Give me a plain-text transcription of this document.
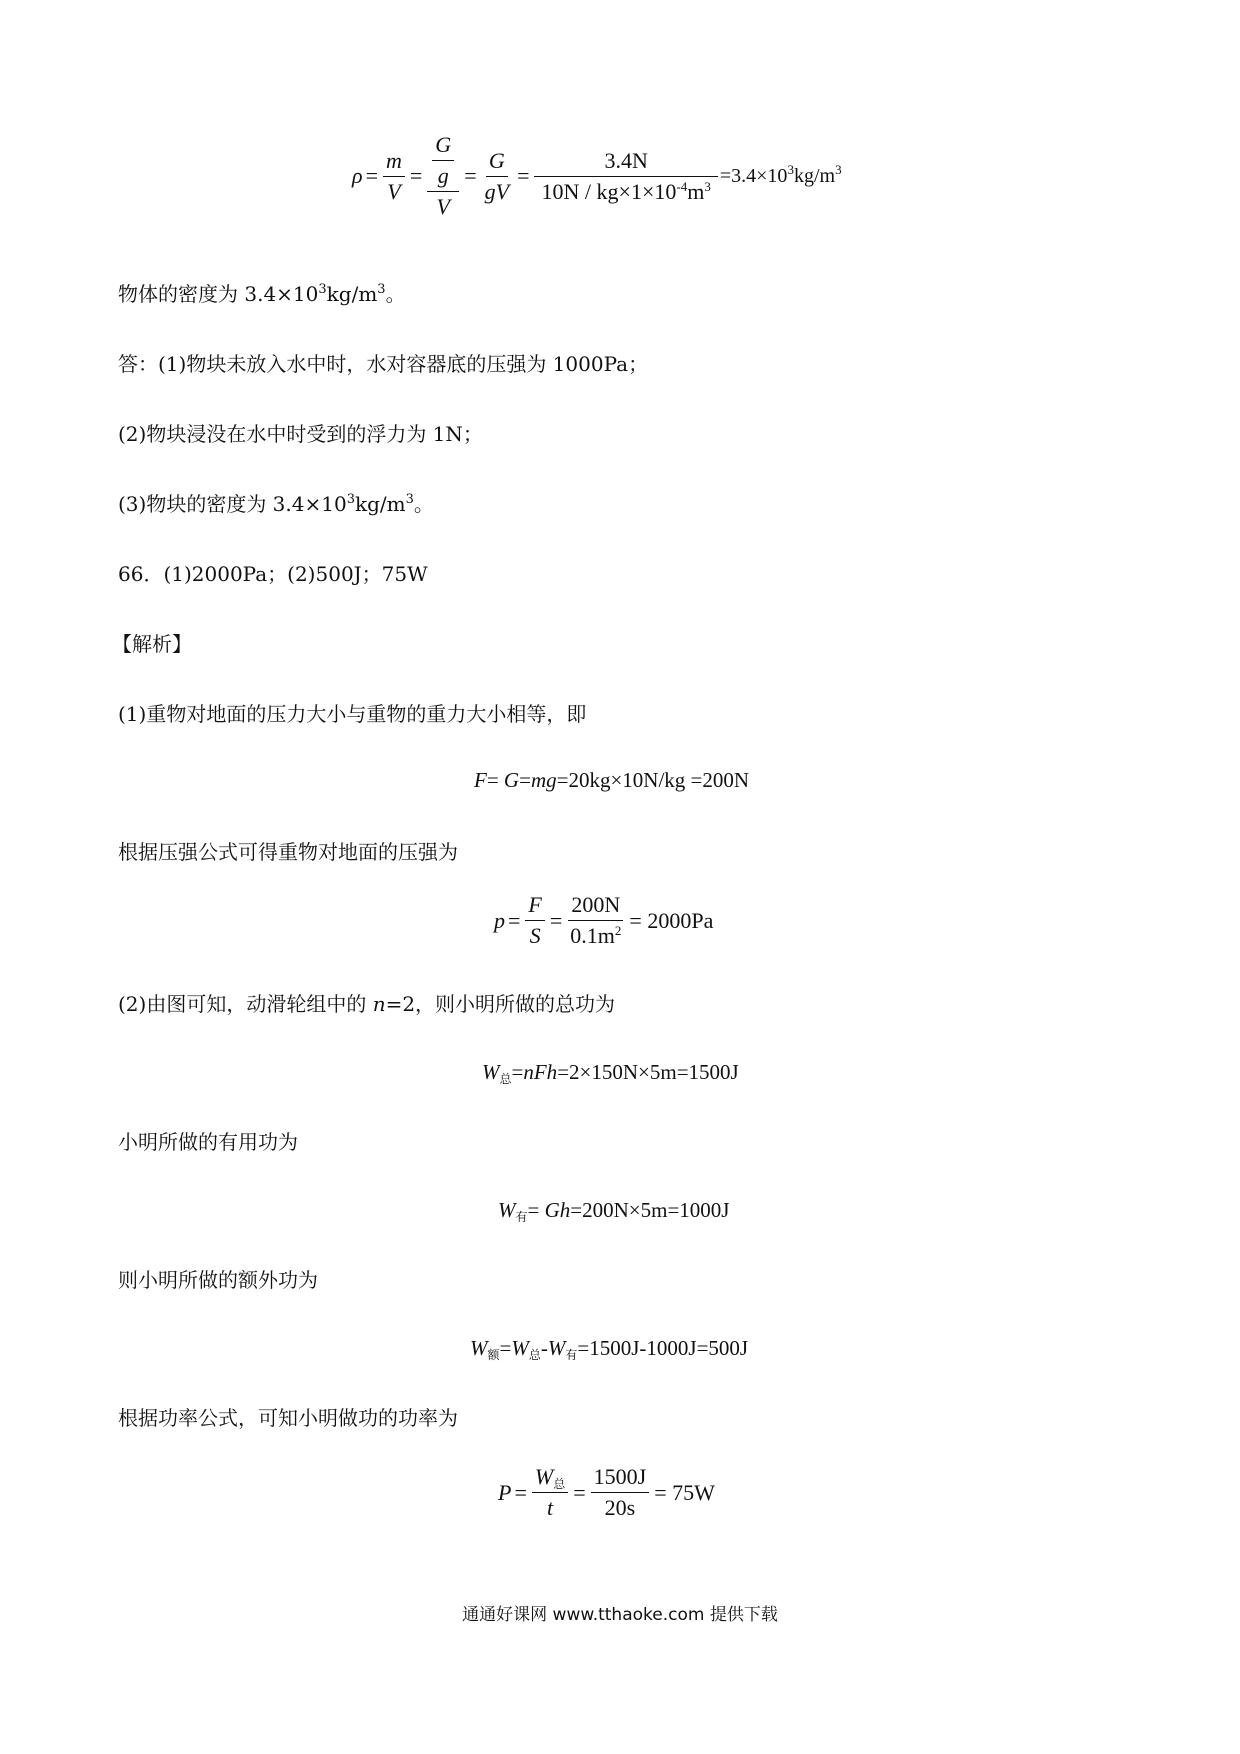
$\rho = \frac{m}{V} = \frac{\frac{G}{g}}{V} = \frac{G}{gV} = \frac{3.4N}{10N / kg\times 1\times 10^{-4}m^3} =3.4\times 10^3kg/m^3$
物体的密度为 $3.4\times 10^3kg/m^3$。
答：(1)物块未放入水中时，水对容器底的压强为 1000Pa；
(2)物块浸没在水中时受到的浮力为 1N；
(3)物块的密度为 $3.4\times 10^3kg/m^3$。
66．(1)2000Pa；(2)500J；75W
【解析】
(1)重物对地面的压力大小与重物的重力大小相等，即
F= G=mg=20kg×10N/kg =200N
根据压强公式可得重物对地面的压强为
$p = \frac{F}{S} = \frac{200N}{0.1m^2} = 2000Pa$
(2)由图可知，动滑轮组中的 n=2，则小明所做的总功为
$W_总=nFh=2\times 150N\times 5m=1500J$
小明所做的有用功为
$W_有= Gh=200N\times 5m=1000J$
则小明所做的额外功为
$W_额=W_总-W_有=1500J-1000J=500J$
根据功率公式，可知小明做功的功率为
$P = \frac{W_总}{t} = \frac{1500J}{20s} = 75W$
通通好课网 www.tthaoke.com 提供下载
